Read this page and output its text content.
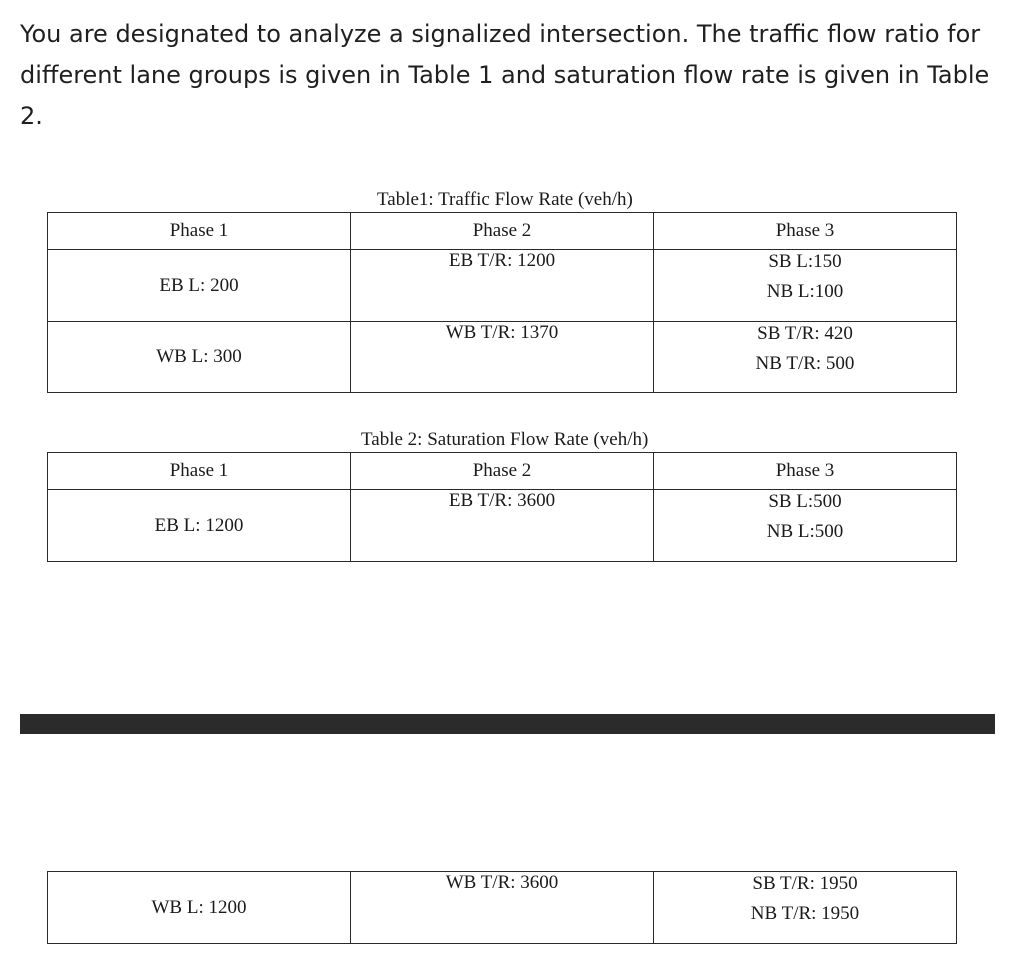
You are designated to analyze a signalized intersection. The traffic flow ratio for different lane groups is given in Table 1 and saturation flow rate is given in Table 2.

Table1: Traffic Flow Rate (veh/h)
Phase 1	Phase 2	Phase 3
EB L: 200	EB T/R: 1200	SB L:150
NB L:100

WB L: 300	WB T/R: 1370	SB T/R: 420
NB T/R: 500
Table 2: Saturation Flow Rate (veh/h)
Phase 1	Phase 2	Phase 3
EB L: 1200	EB T/R: 3600	SB L:500
NB L:500
WB L: 1200	WB T/R: 3600	SB T/R: 1950
NB T/R: 1950
